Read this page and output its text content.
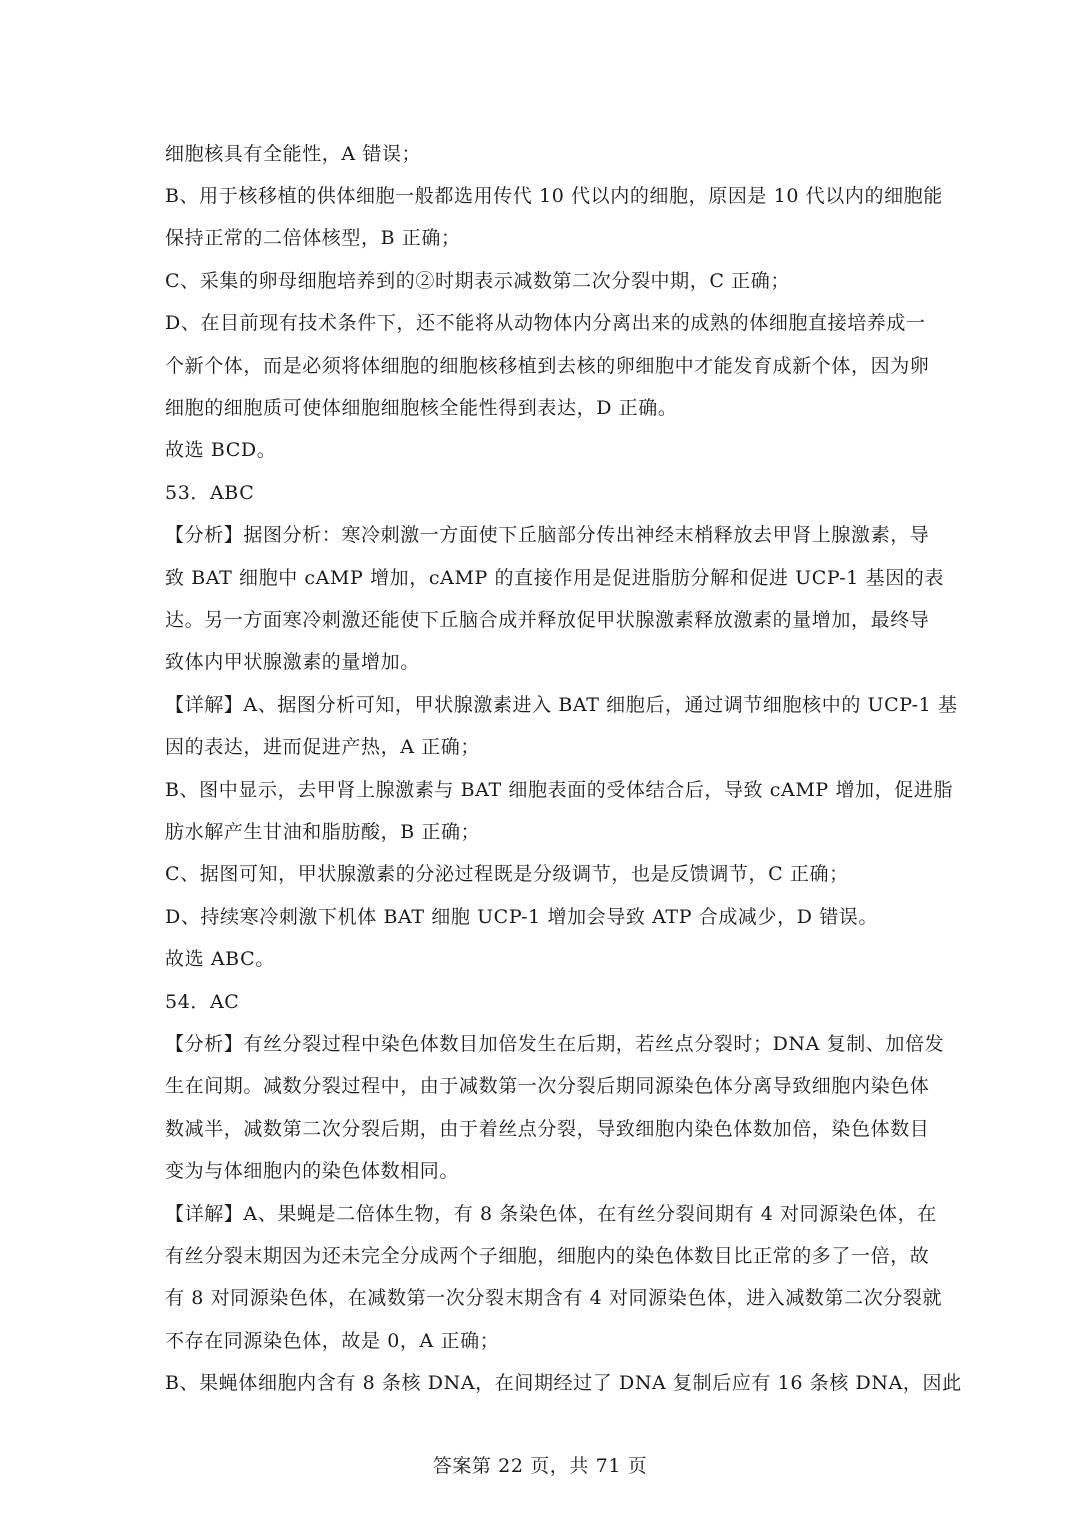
细胞核具有全能性，A 错误；
B、用于核移植的供体细胞一般都选用传代 10 代以内的细胞，原因是 10 代以内的细胞能
保持正常的二倍体核型，B 正确；
C、采集的卵母细胞培养到的②时期表示减数第二次分裂中期，C 正确；
D、在目前现有技术条件下，还不能将从动物体内分离出来的成熟的体细胞直接培养成一
个新个体，而是必须将体细胞的细胞核移植到去核的卵细胞中才能发育成新个体，因为卵
细胞的细胞质可使体细胞细胞核全能性得到表达，D 正确。
故选 BCD。
53．ABC
【分析】据图分析：寒冷刺激一方面使下丘脑部分传出神经末梢释放去甲肾上腺激素，导
致 BAT 细胞中 cAMP 增加，cAMP 的直接作用是促进脂肪分解和促进 UCP-1 基因的表
达。另一方面寒冷刺激还能使下丘脑合成并释放促甲状腺激素释放激素的量增加，最终导
致体内甲状腺激素的量增加。
【详解】A、据图分析可知，甲状腺激素进入 BAT 细胞后，通过调节细胞核中的 UCP-1 基
因的表达，进而促进产热，A 正确；
B、图中显示，去甲肾上腺激素与 BAT 细胞表面的受体结合后，导致 cAMP 增加，促进脂
肪水解产生甘油和脂肪酸，B 正确；
C、据图可知，甲状腺激素的分泌过程既是分级调节，也是反馈调节，C 正确；
D、持续寒冷刺激下机体 BAT 细胞 UCP-1 增加会导致 ATP 合成减少，D 错误。
故选 ABC。
54．AC
【分析】有丝分裂过程中染色体数目加倍发生在后期，若丝点分裂时；DNA 复制、加倍发
生在间期。减数分裂过程中，由于减数第一次分裂后期同源染色体分离导致细胞内染色体
数减半，减数第二次分裂后期，由于着丝点分裂，导致细胞内染色体数加倍，染色体数目
变为与体细胞内的染色体数相同。
【详解】A、果蝇是二倍体生物，有 8 条染色体，在有丝分裂间期有 4 对同源染色体，在
有丝分裂末期因为还未完全分成两个子细胞，细胞内的染色体数目比正常的多了一倍，故
有 8 对同源染色体，在减数第一次分裂末期含有 4 对同源染色体，进入减数第二次分裂就
不存在同源染色体，故是 0，A 正确；
B、果蝇体细胞内含有 8 条核 DNA，在间期经过了 DNA 复制后应有 16 条核 DNA，因此
答案第 22 页，共 71 页
